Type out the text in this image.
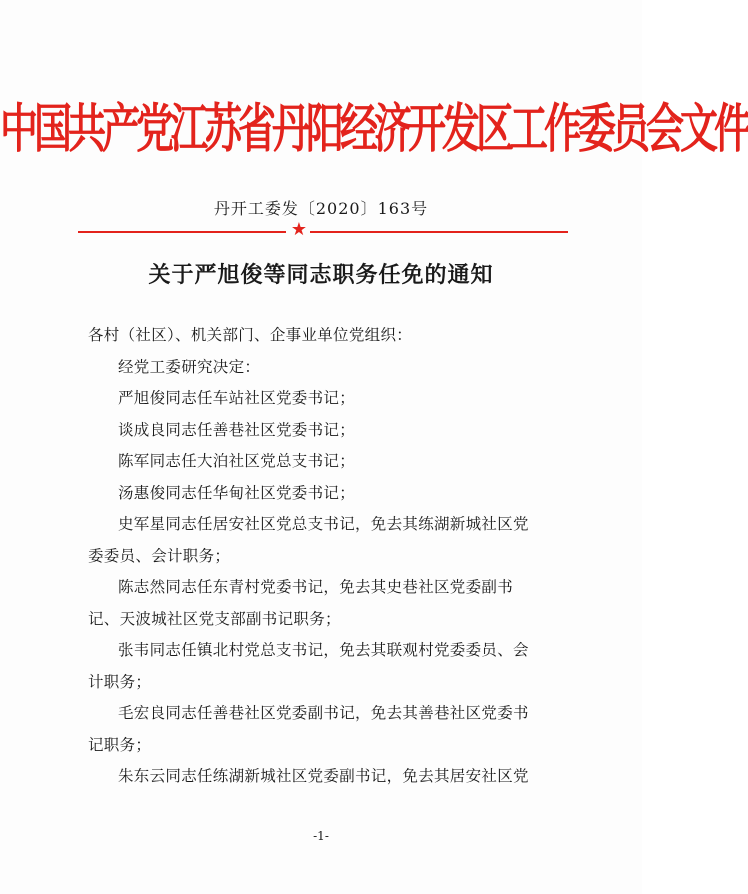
中国共产党江苏省丹阳经济开发区工作委员会文件
丹开工委发〔2020〕163号
★
关于严旭俊等同志职务任免的通知

各村（社区）、机关部门、企事业单位党组织：

经党工委研究决定：

严旭俊同志任车站社区党委书记；

谈成良同志任善巷社区党委书记；

陈军同志任大泊社区党总支书记；

汤惠俊同志任华甸社区党委书记；

史军星同志任居安社区党总支书记，免去其练湖新城社区党

委委员、会计职务；

陈志然同志任东青村党委书记，免去其史巷社区党委副书

记、天波城社区党支部副书记职务；

张韦同志任镇北村党总支书记，免去其联观村党委委员、会

计职务；

毛宏良同志任善巷社区党委副书记，免去其善巷社区党委书

记职务；

朱东云同志任练湖新城社区党委副书记，免去其居安社区党

-1-
